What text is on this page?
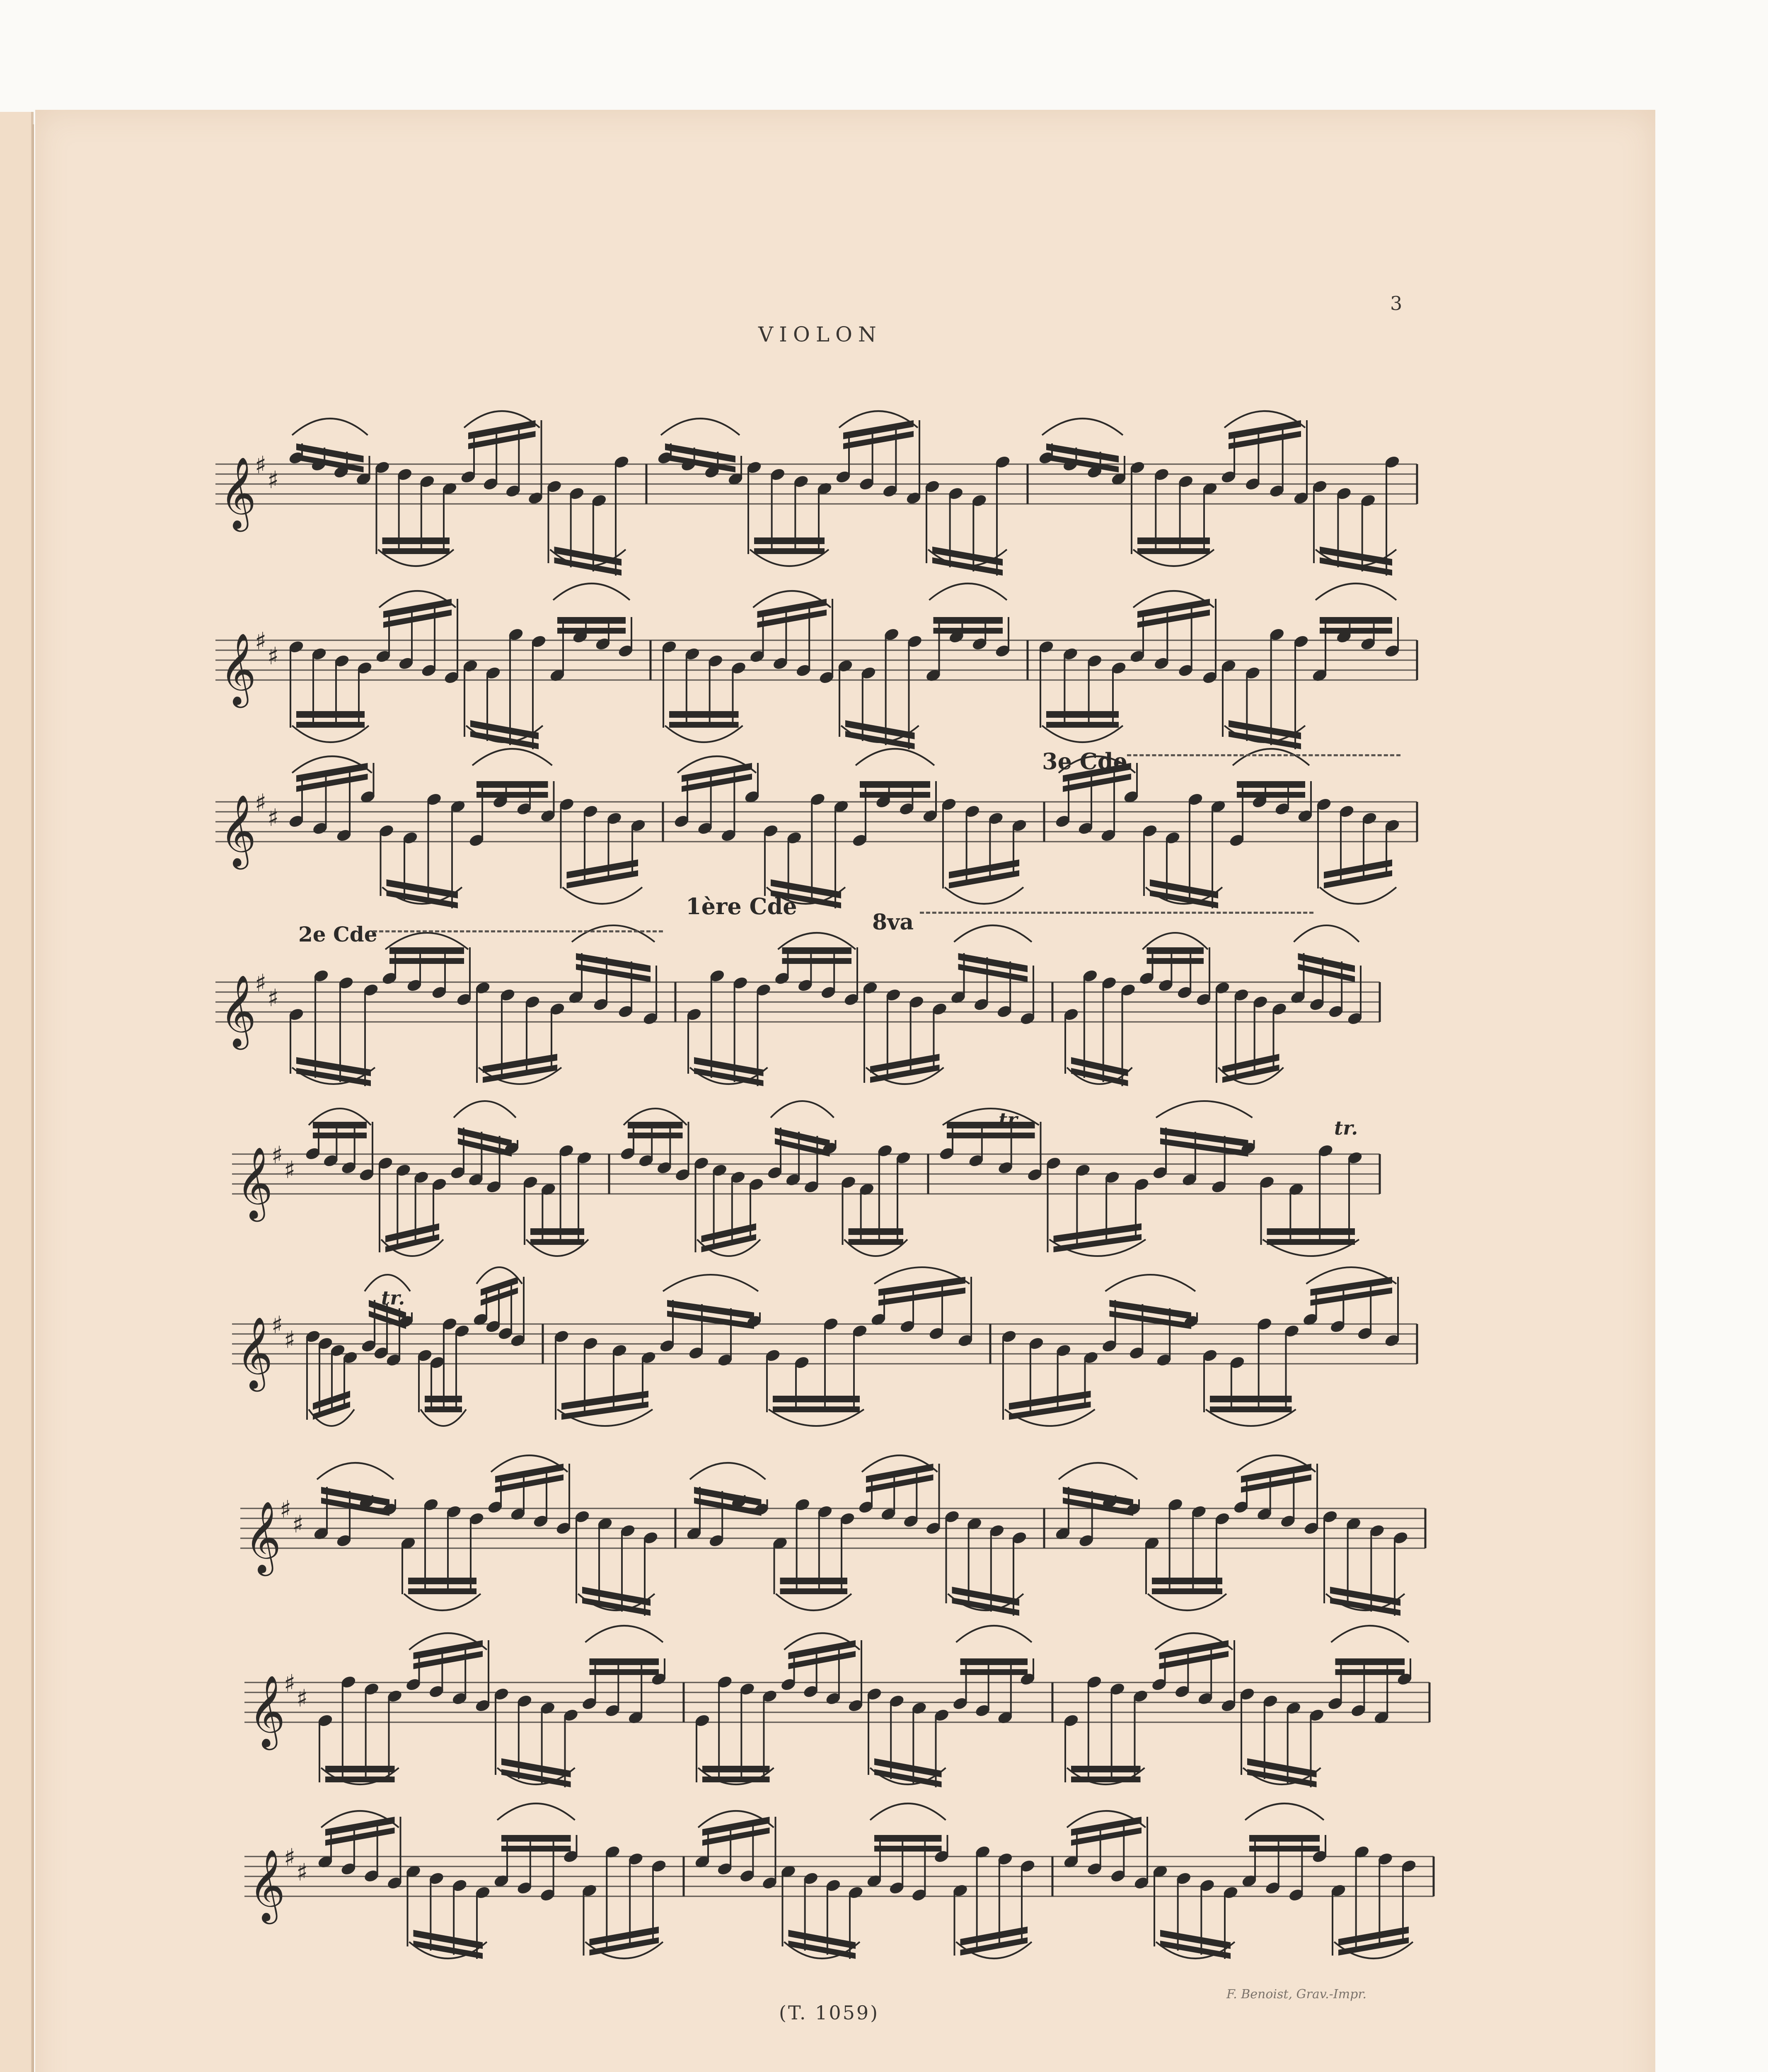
VIOLON
3
𝄞
♯
♯
𝄞
♯
♯
𝄞
♯
♯
𝄞
♯
♯
𝄞
♯
♯
𝄞
♯
♯
𝄞
♯
♯
𝄞
♯
♯
𝄞
♯
♯
3e Cde
2e Cde
1ère Cde
8va
tr.	tr.
tr.
(T. 1059)
F. Benoist, Grav.-Impr.
